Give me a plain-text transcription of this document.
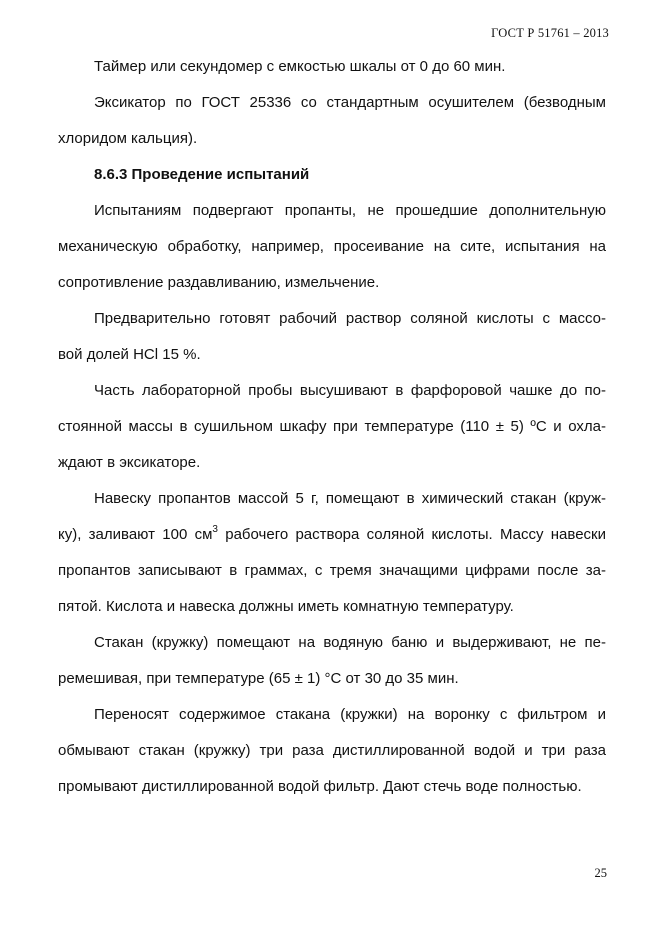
ГОСТ Р 51761 – 2013

Таймер или секундомер с емкостью шкалы от 0 до 60 мин.

Эксикатор по ГОСТ 25336 со стандартным осушителем (безводным
хлоридом кальция).

8.6.3 Проведение испытаний

Испытаниям подвергают пропанты, не прошедшие дополнительную
механическую обработку, например, просеивание на сите, испытания на
сопротивление раздавливанию, измельчение.

Предварительно готовят рабочий раствор соляной кислоты с массо-
вой долей HCl 15 %.

Часть лабораторной пробы высушивают в фарфоровой чашке до по-
стоянной массы в сушильном шкафу при температуре (110 ± 5) ºС и охла-
ждают в эксикаторе.

Навеску пропантов массой 5 г, помещают в химический стакан (круж-
ку), заливают 100 $см^3$ рабочего раствора соляной кислоты. Массу навески
пропантов записывают в граммах, с тремя значащими цифрами после за-
пятой. Кислота и навеска должны иметь комнатную температуру.

Стакан (кружку) помещают на водяную баню и выдерживают, не пе-
ремешивая, при температуре (65 ± 1) °С от 30 до 35 мин.

Переносят содержимое стакана (кружки) на воронку с фильтром и
обмывают стакан (кружку) три раза дистиллированной водой и три раза
промывают дистиллированной водой фильтр. Дают стечь воде полностью.

25
